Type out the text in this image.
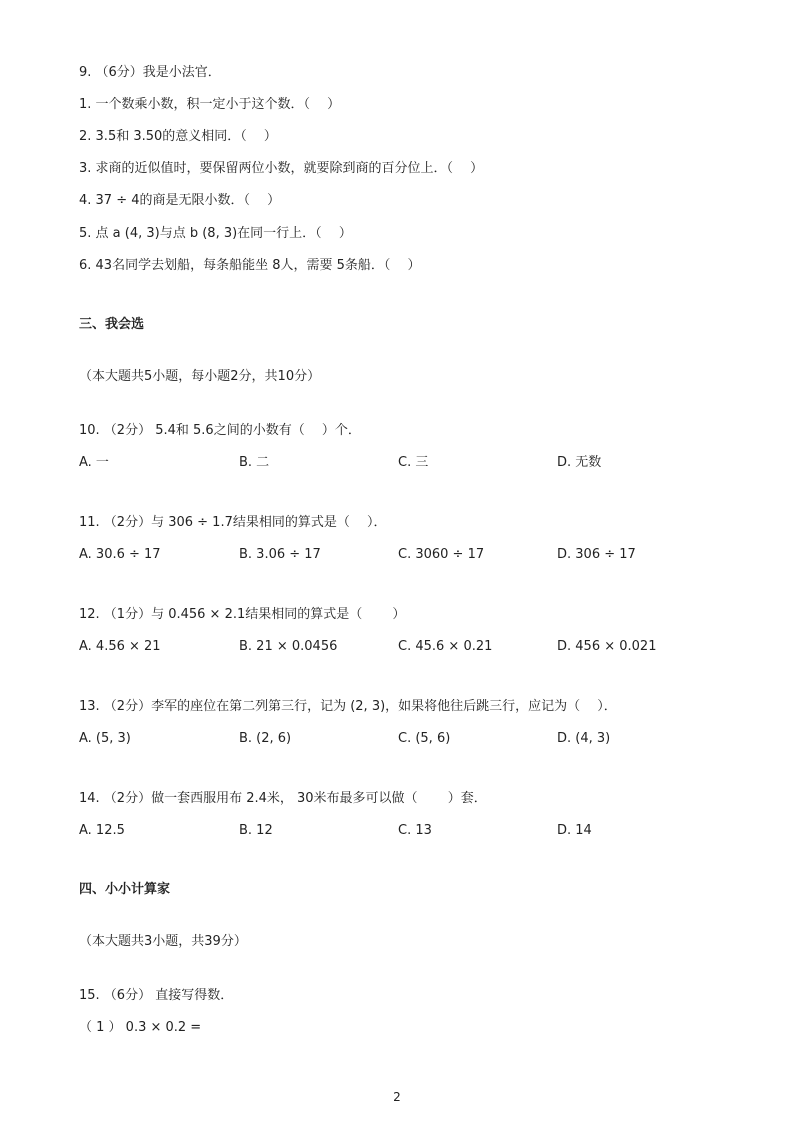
9. （6分）我是小法官．
1. 一个数乘小数，积一定小于这个数．（　 ）
2. 3.5和 3.50的意义相同．（　 ）
3. 求商的近似值时，要保留两位小数，就要除到商的百分位上．（　 ）
4. 37 ÷ 4的商是无限小数．（　 ）
5. 点 a (4, 3)与点 b (8, 3)在同一行上．（　 ）
6. 43名同学去划船，每条船能坐 8人，需要 5条船．（　 ）
三、我会选
（本大题共5小题，每小题2分，共10分）
10. （2分） 5.4和 5.6之间的小数有（　 ）个．
A. 一	B. 二	C. 三	D. 无数
11. （2分）与 306 ÷ 1.7结果相同的算式是（　 ）．
A. 30.6 ÷ 17	B. 3.06 ÷ 17	C. 3060 ÷ 17	D. 306 ÷ 17
12. （1分）与 0.456 × 2.1结果相同的算式是（　　 ）
A. 4.56 × 21	B. 21 × 0.0456	C. 45.6 × 0.21	D. 456 × 0.021
13. （2分）李军的座位在第二列第三行，记为 (2, 3)，如果将他往后跳三行，应记为（　 ）．
A. (5, 3)	B. (2, 6)	C. (5, 6)	D. (4, 3)
14. （2分）做一套西服用布 2.4米， 30米布最多可以做（　　 ）套．
A. 12.5	B. 12	C. 13	D. 14
四、小小计算家
（本大题共3小题，共39分）
15. （6分） 直接写得数．
（ 1 ） 0.3 × 0.2 =
2
